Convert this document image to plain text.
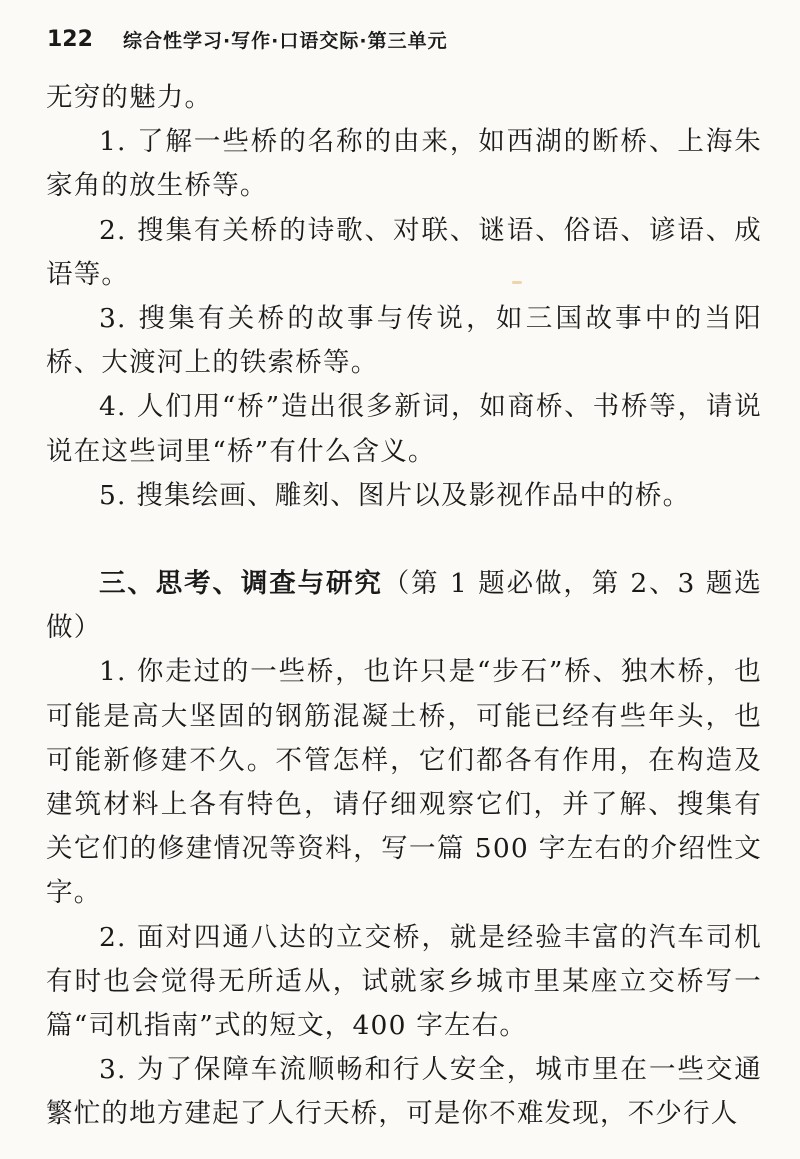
122 综合性学习·写作·口语交际·第三单元

无穷的魅力。

1. 了解一些桥的名称的由来，如西湖的断桥、上海朱家角的放生桥等。

2. 搜集有关桥的诗歌、对联、谜语、俗语、谚语、成语等。

3. 搜集有关桥的故事与传说，如三国故事中的当阳桥、大渡河上的铁索桥等。

4. 人们用“桥”造出很多新词，如商桥、书桥等，请说说在这些词里“桥”有什么含义。

5. 搜集绘画、雕刻、图片以及影视作品中的桥。

三、思考、调查与研究（第 1 题必做，第 2、3 题选做）

1. 你走过的一些桥，也许只是“步石”桥、独木桥，也可能是高大坚固的钢筋混凝土桥，可能已经有些年头，也可能新修建不久。不管怎样，它们都各有作用，在构造及建筑材料上各有特色，请仔细观察它们，并了解、搜集有关它们的修建情况等资料，写一篇 500 字左右的介绍性文字。

2. 面对四通八达的立交桥，就是经验丰富的汽车司机有时也会觉得无所适从，试就家乡城市里某座立交桥写一篇“司机指南”式的短文，400 字左右。

3. 为了保障车流顺畅和行人安全，城市里在一些交通繁忙的地方建起了人行天桥，可是你不难发现，不少行人
